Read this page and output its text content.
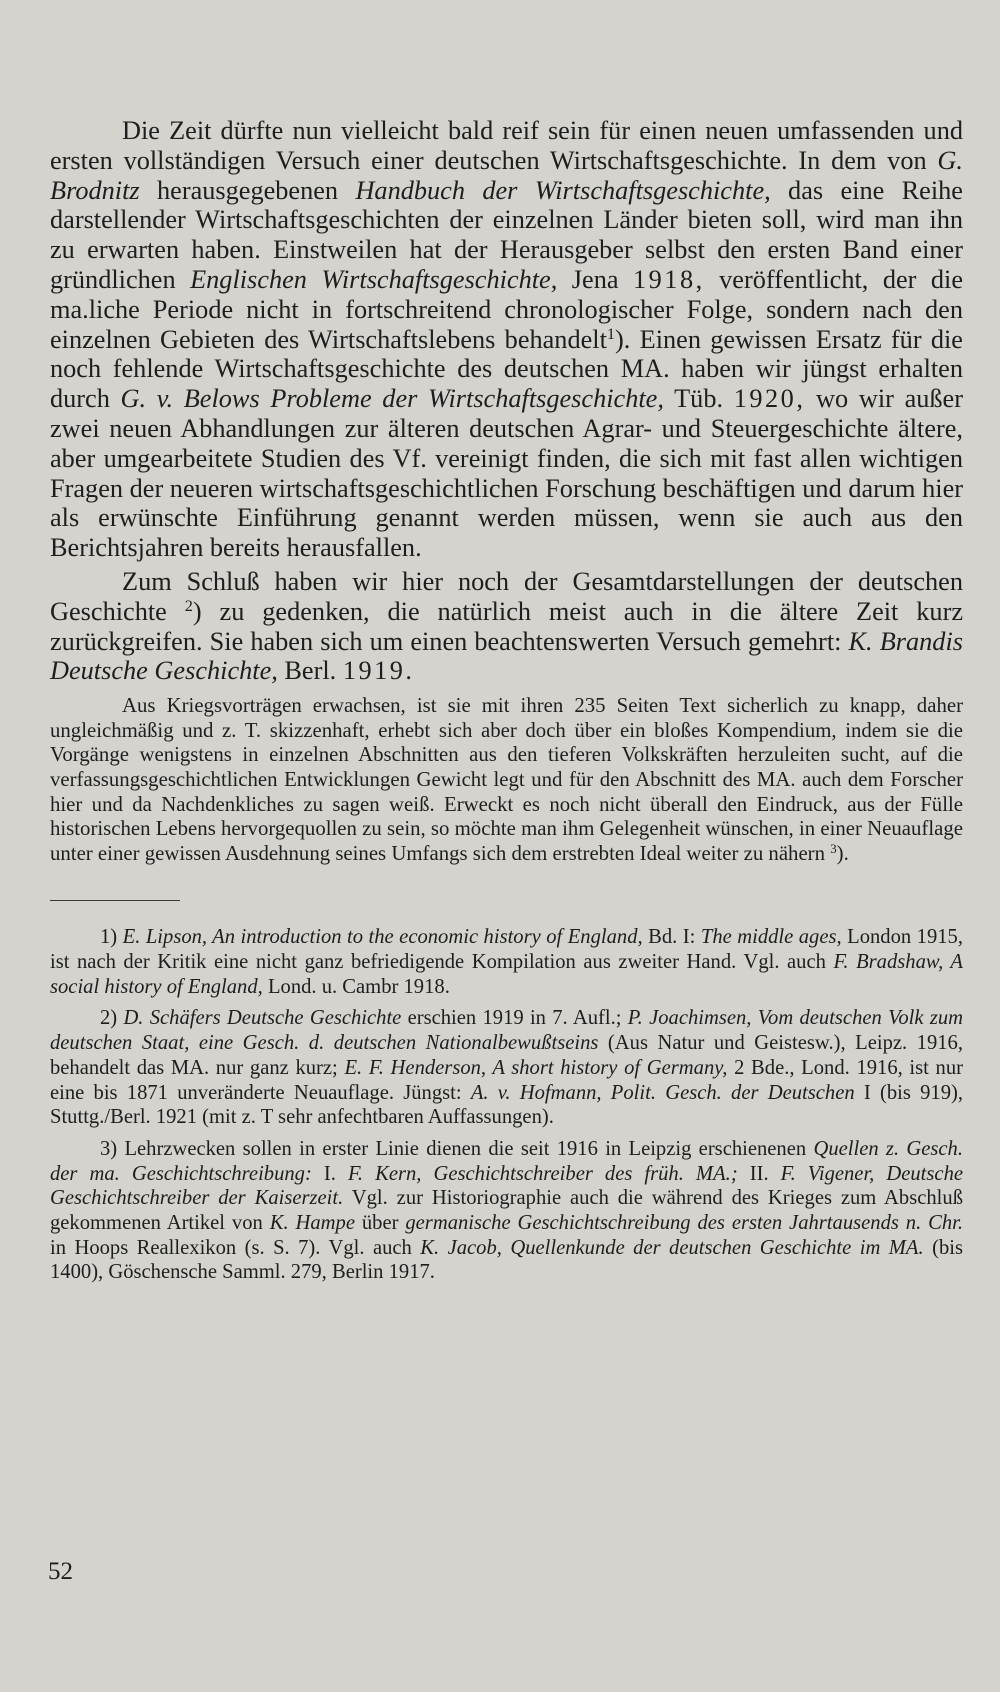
Die Zeit dürfte nun vielleicht bald reif sein für einen neuen umfassenden und ersten vollständigen Versuch einer deutschen Wirtschaftsgeschichte. In dem von G. Brodnitz herausgegebenen Handbuch der Wirtschaftsgeschichte, das eine Reihe darstellender Wirtschaftsgeschichten der einzelnen Länder bieten soll, wird man ihn zu erwarten haben. Einstweilen hat der Herausgeber selbst den ersten Band einer gründlichen Englischen Wirtschaftsgeschichte, Jena 1918, veröffentlicht, der die ma.liche Periode nicht in fortschreitend chronologischer Folge, sondern nach den einzelnen Gebieten des Wirtschaftslebens behandelt$^1$). Einen gewissen Ersatz für die noch fehlende Wirtschaftsgeschichte des deutschen MA. haben wir jüngst erhalten durch G. v. Belows Probleme der Wirtschaftsgeschichte, Tüb. 1920, wo wir außer zwei neuen Abhandlungen zur älteren deutschen Agrar- und Steuergeschichte ältere, aber umgearbeitete Studien des Vf. vereinigt finden, die sich mit fast allen wichtigen Fragen der neueren wirtschaftsgeschichtlichen Forschung beschäftigen und darum hier als erwünschte Einführung genannt werden müssen, wenn sie auch aus den Berichtsjahren bereits herausfallen.

Zum Schluß haben wir hier noch der Gesamtdarstellungen der deutschen Geschichte $^2$) zu gedenken, die natürlich meist auch in die ältere Zeit kurz zurückgreifen. Sie haben sich um einen beachtenswerten Versuch gemehrt: K. Brandis Deutsche Geschichte, Berl. 1919.

Aus Kriegsvorträgen erwachsen, ist sie mit ihren 235 Seiten Text sicherlich zu knapp, daher ungleichmäßig und z. T. skizzenhaft, erhebt sich aber doch über ein bloßes Kompendium, indem sie die Vorgänge wenigstens in einzelnen Abschnitten aus den tieferen Volkskräften herzuleiten sucht, auf die verfassungsgeschichtlichen Entwicklungen Gewicht legt und für den Abschnitt des MA. auch dem Forscher hier und da Nachdenkliches zu sagen weiß. Erweckt es noch nicht überall den Eindruck, aus der Fülle historischen Lebens hervorgequollen zu sein, so möchte man ihm Gelegenheit wünschen, in einer Neuauflage unter einer gewissen Ausdehnung seines Umfangs sich dem erstrebten Ideal weiter zu nähern $^3$).

1) E. Lipson, An introduction to the economic history of England, Bd. I: The middle ages, London 1915, ist nach der Kritik eine nicht ganz befriedigende Kompilation aus zweiter Hand. Vgl. auch F. Bradshaw, A social history of England, Lond. u. Cambr 1918.

2) D. Schäfers Deutsche Geschichte erschien 1919 in 7. Aufl.; P. Joachimsen, Vom deutschen Volk zum deutschen Staat, eine Gesch. d. deutschen Nationalbewußtseins (Aus Natur und Geistesw.), Leipz. 1916, behandelt das MA. nur ganz kurz; E. F. Henderson, A short history of Germany, 2 Bde., Lond. 1916, ist nur eine bis 1871 unveränderte Neuauflage. Jüngst: A. v. Hofmann, Polit. Gesch. der Deutschen I (bis 919), Stuttg./Berl. 1921 (mit z. T sehr anfechtbaren Auffassungen).

3) Lehrzwecken sollen in erster Linie dienen die seit 1916 in Leipzig erschienenen Quellen z. Gesch. der ma. Geschichtschreibung: I. F. Kern, Geschichtschreiber des früh. MA.; II. F. Vigener, Deutsche Geschichtschreiber der Kaiserzeit. Vgl. zur Historiographie auch die während des Krieges zum Abschluß gekommenen Artikel von K. Hampe über germanische Geschichtschreibung des ersten Jahrtausends n. Chr. in Hoops Reallexikon (s. S. 7). Vgl. auch K. Jacob, Quellenkunde der deutschen Geschichte im MA. (bis 1400), Göschensche Samml. 279, Berlin 1917.

52
